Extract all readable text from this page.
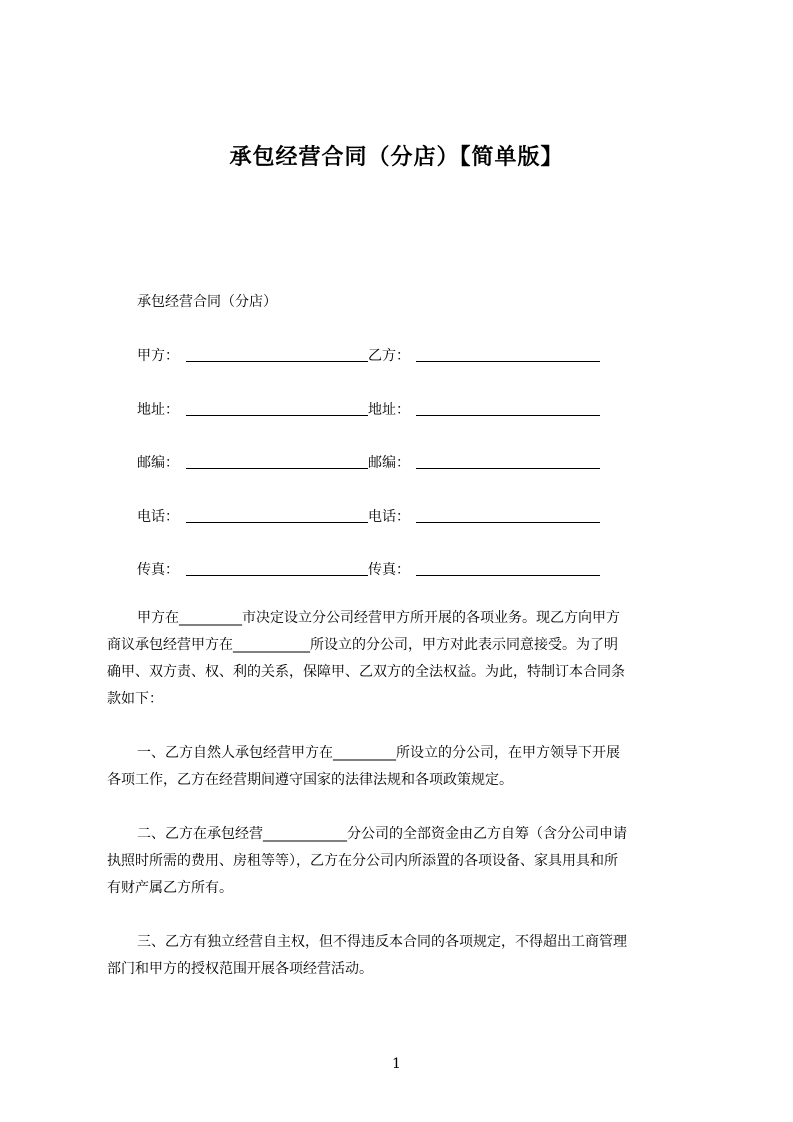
承包经营合同（分店）【简单版】
承包经营合同（分店）
甲方：	乙方：
地址：	地址：
邮编：	邮编：
电话：	电话：
传真：	传真：
甲方在_________市决定设立分公司经营甲方所开展的各项业务。现乙方向甲方
商议承包经营甲方在___________所设立的分公司，甲方对此表示同意接受。为了明
确甲、双方责、权、利的关系，保障甲、乙双方的全法权益。为此，特制订本合同条
款如下：
一、乙方自然人承包经营甲方在_________所设立的分公司，在甲方领导下开展
各项工作，乙方在经营期间遵守国家的法律法规和各项政策规定。
二、乙方在承包经营____________分公司的全部资金由乙方自筹（含分公司申请
执照时所需的费用、房租等等），乙方在分公司内所添置的各项设备、家具用具和所
有财产属乙方所有。
三、乙方有独立经营自主权，但不得违反本合同的各项规定，不得超出工商管理
部门和甲方的授权范围开展各项经营活动。
1
